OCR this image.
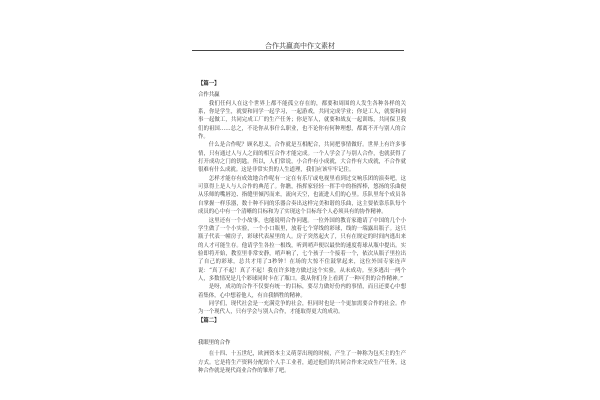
合作共赢高中作文素材
【篇一】
合作共赢

我们任何人在这个世界上都不能孤立存在的，都要和周围的人发生各种各样的关系，你是学生，就要和同学一起学习，一起游戏，共同完成学业；你是工人，就要和同事一起做工，共同完成工厂的生产任务；你是军人，就要和战友一起训练，共同保卫我们的祖国……总之，不论你从事什么职业，也不论你有何种理想，都离不开与别人的合作。

什么是合作呢？顾名思义，合作就是互相配合，共同把事情做好。世界上有许多事情，只有通过人与人之间的相互合作才能完成。一个人学会了与别人合作，也就获得了打开成功之门的钥匙。所以，人们常说，小合作有小成就，大合作有大成就，不合作就很难有什么成就。这是非常实贵的人生道理，我们应该牢牢记住。

怎样才能存有成效地合作呢有一定在有乐厅或电视里看到过交响乐团的演奏吧，这可算得上是人与人合作的典范了。你瞧，指挥家轻轻一挥手中的指挥棒，悠扬的乐曲便从乐师的嘴唇边、指缝里倾泻而来，流向天空，也流进人们的心里。乐队里每个成员各自掌握一样乐器，数十种不同的乐器合奏出这样完美和谐的乐曲，这主要依靠乐队每个成员的心中有一个清晰的目标和为了实现这个目标每个人必须具有的协作精神。

这里还有一个小故事，也能说明合作问题。一位外国的教育家邀请了中国的几个小学生做了一个小实验，一个小口瓶里，放着七个穿线的彩球，线的一端露出瓶子。这只瓶子代表一幢房子，彩球代表屋里的人。房子突然起火了，只有在规定的时间内逃出来的人才可能生存。他请学生各拉一根线，听到哨声便以最快的速度将球从瓶中提出。实验即将开始，教室里非常安静，哨声响了，七个孩子一个接着一个，依次从瓶子里拉出了自己的彩球，总共才用了3秒钟！在场的大惊不住鼓掌起来，这位外国专家连声说：“真了不起！真了不起！我在许多地方做过这个实验，从未成功。至多逃出一两个人，多数情况是几个彩球同时卡在了瓶口。我从你们身上看到了一种可贵的合作精神。”

是呀，成功的合作不仅要有统一的目标，要尽力做好份内的事情，而且还要心中想着集体，心中想着他人，有自我牺牲的精神。

同学们，现代社会是一充满竞争的社会，但同时也是一个更加需要合作的社会。作为一个现代人，只有学会与别人合作，才能取得更大的成功。

【篇二】
我眼里的合作

在十四、十五世纪，欧洲资本主义萌芽出现的时候，产生了一种称为包买主的生产方式。它是将生产资料分配给个人手工业者，通过他们的共同合作来完成生产任务，这种合作就是现代商业合作的雏形了吧。
